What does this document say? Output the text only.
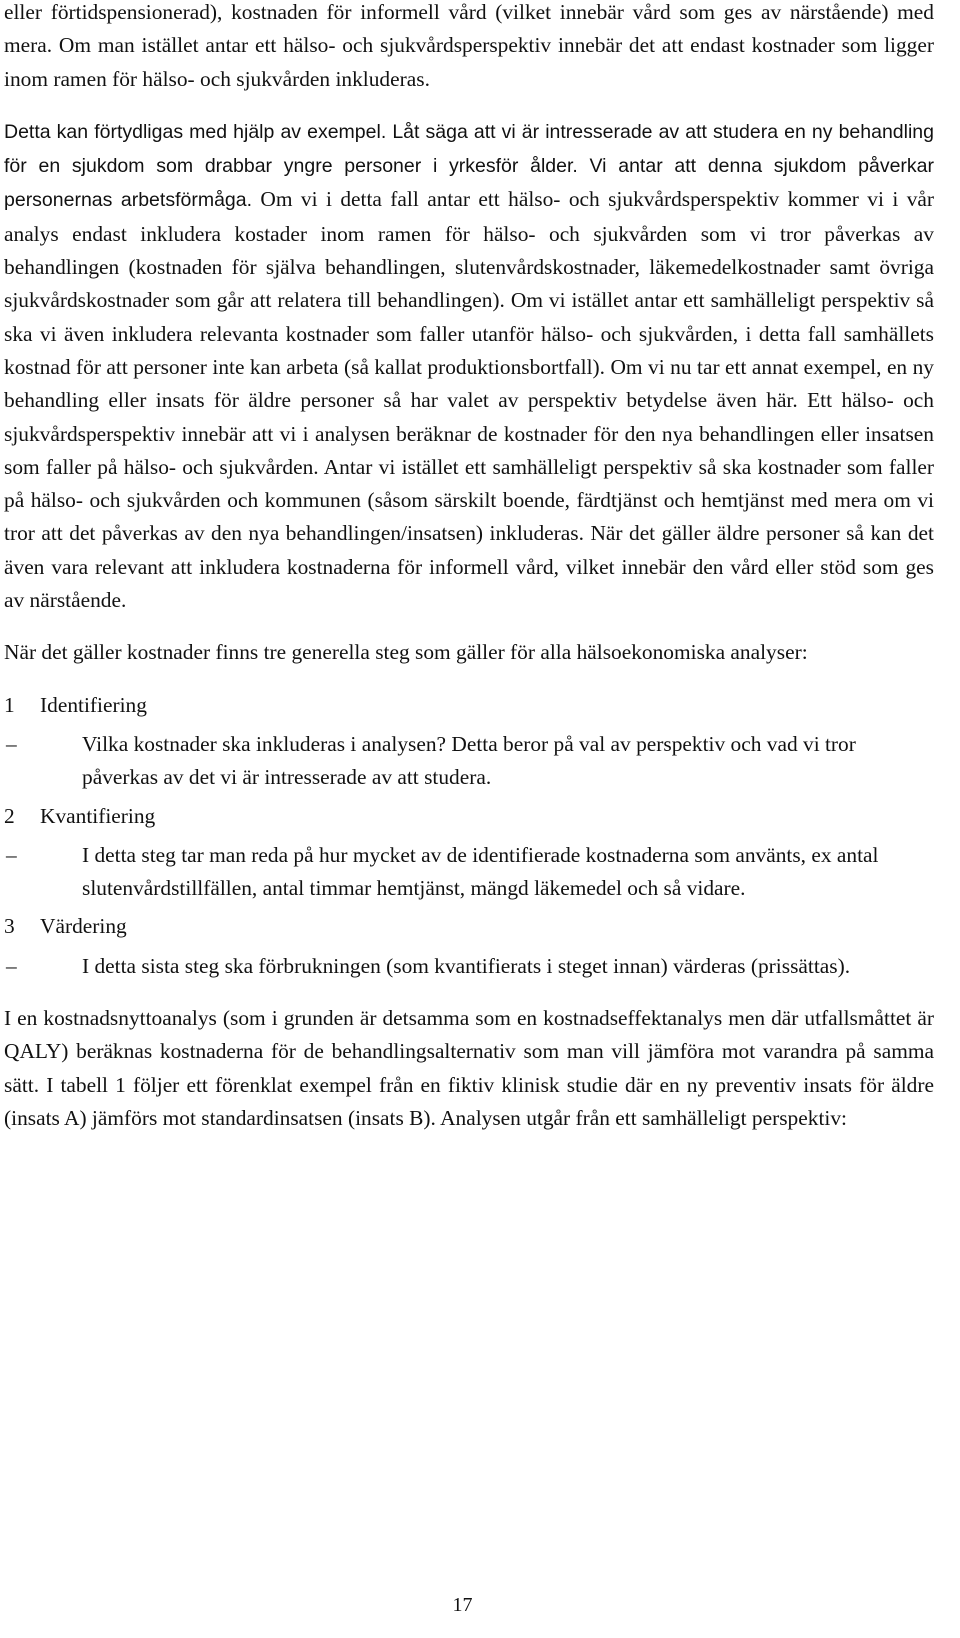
eller förtidspensionerad), kostnaden för informell vård (vilket innebär vård som ges av närstående) med mera. Om man istället antar ett hälso- och sjukvårdsperspektiv innebär det att endast kostnader som ligger inom ramen för hälso- och sjukvården inkluderas.

Detta kan förtydligas med hjälp av exempel. Låt säga att vi är intresserade av att studera en ny behandling för en sjukdom som drabbar yngre personer i yrkesför ålder. Vi antar att denna sjukdom påverkar personernas arbetsförmåga. Om vi i detta fall antar ett hälso- och sjukvårdsperspektiv kommer vi i vår analys endast inkludera kostader inom ramen för hälso- och sjukvården som vi tror påverkas av behandlingen (kostnaden för själva behandlingen, slutenvårdskostnader, läkemedelkostnader samt övriga sjukvårdskostnader som går att relatera till behandlingen). Om vi istället antar ett samhälleligt perspektiv så ska vi även inkludera relevanta kostnader som faller utanför hälso- och sjukvården, i detta fall samhällets kostnad för att personer inte kan arbeta (så kallat produktionsbortfall). Om vi nu tar ett annat exempel, en ny behandling eller insats för äldre personer så har valet av perspektiv betydelse även här. Ett hälso- och sjukvårdsperspektiv innebär att vi i analysen beräknar de kostnader för den nya behandlingen eller insatsen som faller på hälso- och sjukvården. Antar vi istället ett samhälleligt perspektiv så ska kostnader som faller på hälso- och sjukvården och kommunen (såsom särskilt boende, färdtjänst och hemtjänst med mera om vi tror att det påverkas av den nya behandlingen/insatsen) inkluderas. När det gäller äldre personer så kan det även vara relevant att inkludera kostnaderna för informell vård, vilket innebär den vård eller stöd som ges av närstående.

När det gäller kostnader finns tre generella steg som gäller för alla hälsoekonomiska analyser:

1	Identifiering
–	Vilka kostnader ska inkluderas i analysen? Detta beror på val av perspektiv och vad vi tror påverkas av det vi är intresserade av att studera.
2	Kvantifiering
–	I detta steg tar man reda på hur mycket av de identifierade kostnaderna som använts, ex antal slutenvårdstillfällen, antal timmar hemtjänst, mängd läkemedel och så vidare.
3	Värdering
–	I detta sista steg ska förbrukningen (som kvantifierats i steget innan) värderas (prissättas).

I en kostnadsnyttoanalys (som i grunden är detsamma som en kostnadseffektanalys men där utfallsmåttet är QALY) beräknas kostnaderna för de behandlingsalternativ som man vill jämföra mot varandra på samma sätt. I tabell 1 följer ett förenklat exempel från en fiktiv klinisk studie där en ny preventiv insats för äldre (insats A) jämförs mot standardinsatsen (insats B). Analysen utgår från ett samhälleligt perspektiv:

17
